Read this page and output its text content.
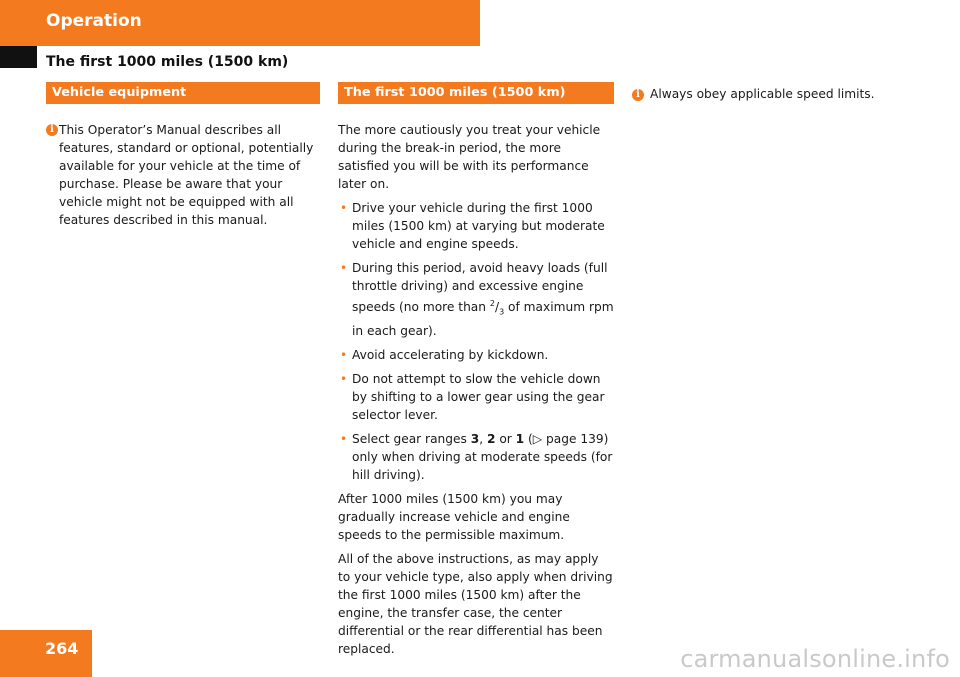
Operation
The first 1000 miles (1500 km)
Vehicle equipment
i This Operator’s Manual describes all features, standard or optional, potentially available for your vehicle at the time of purchase. Please be aware that your vehicle might not be equipped with all features described in this manual.
The first 1000 miles (1500 km)

The more cautiously you treat your vehicle during the break-in period, the more satisfied you will be with its performance later on.

• Drive your vehicle during the first 1000 miles (1500 km) at varying but moderate vehicle and engine speeds.
• During this period, avoid heavy loads (full throttle driving) and excessive engine speeds (no more than $^2/_3$ of maximum rpm in each gear).
• Avoid accelerating by kickdown.
• Do not attempt to slow the vehicle down by shifting to a lower gear using the gear selector lever.
• Select gear ranges 3, 2 or 1 (▷ page 139) only when driving at moderate speeds (for hill driving).

After 1000 miles (1500 km) you may gradually increase vehicle and engine speeds to the permissible maximum.

All of the above instructions, as may apply to your vehicle type, also apply when driving the first 1000 miles (1500 km) after the engine, the transfer case, the center differential or the rear differential has been replaced.

i Always obey applicable speed limits.
264	carmanualsonline.info
